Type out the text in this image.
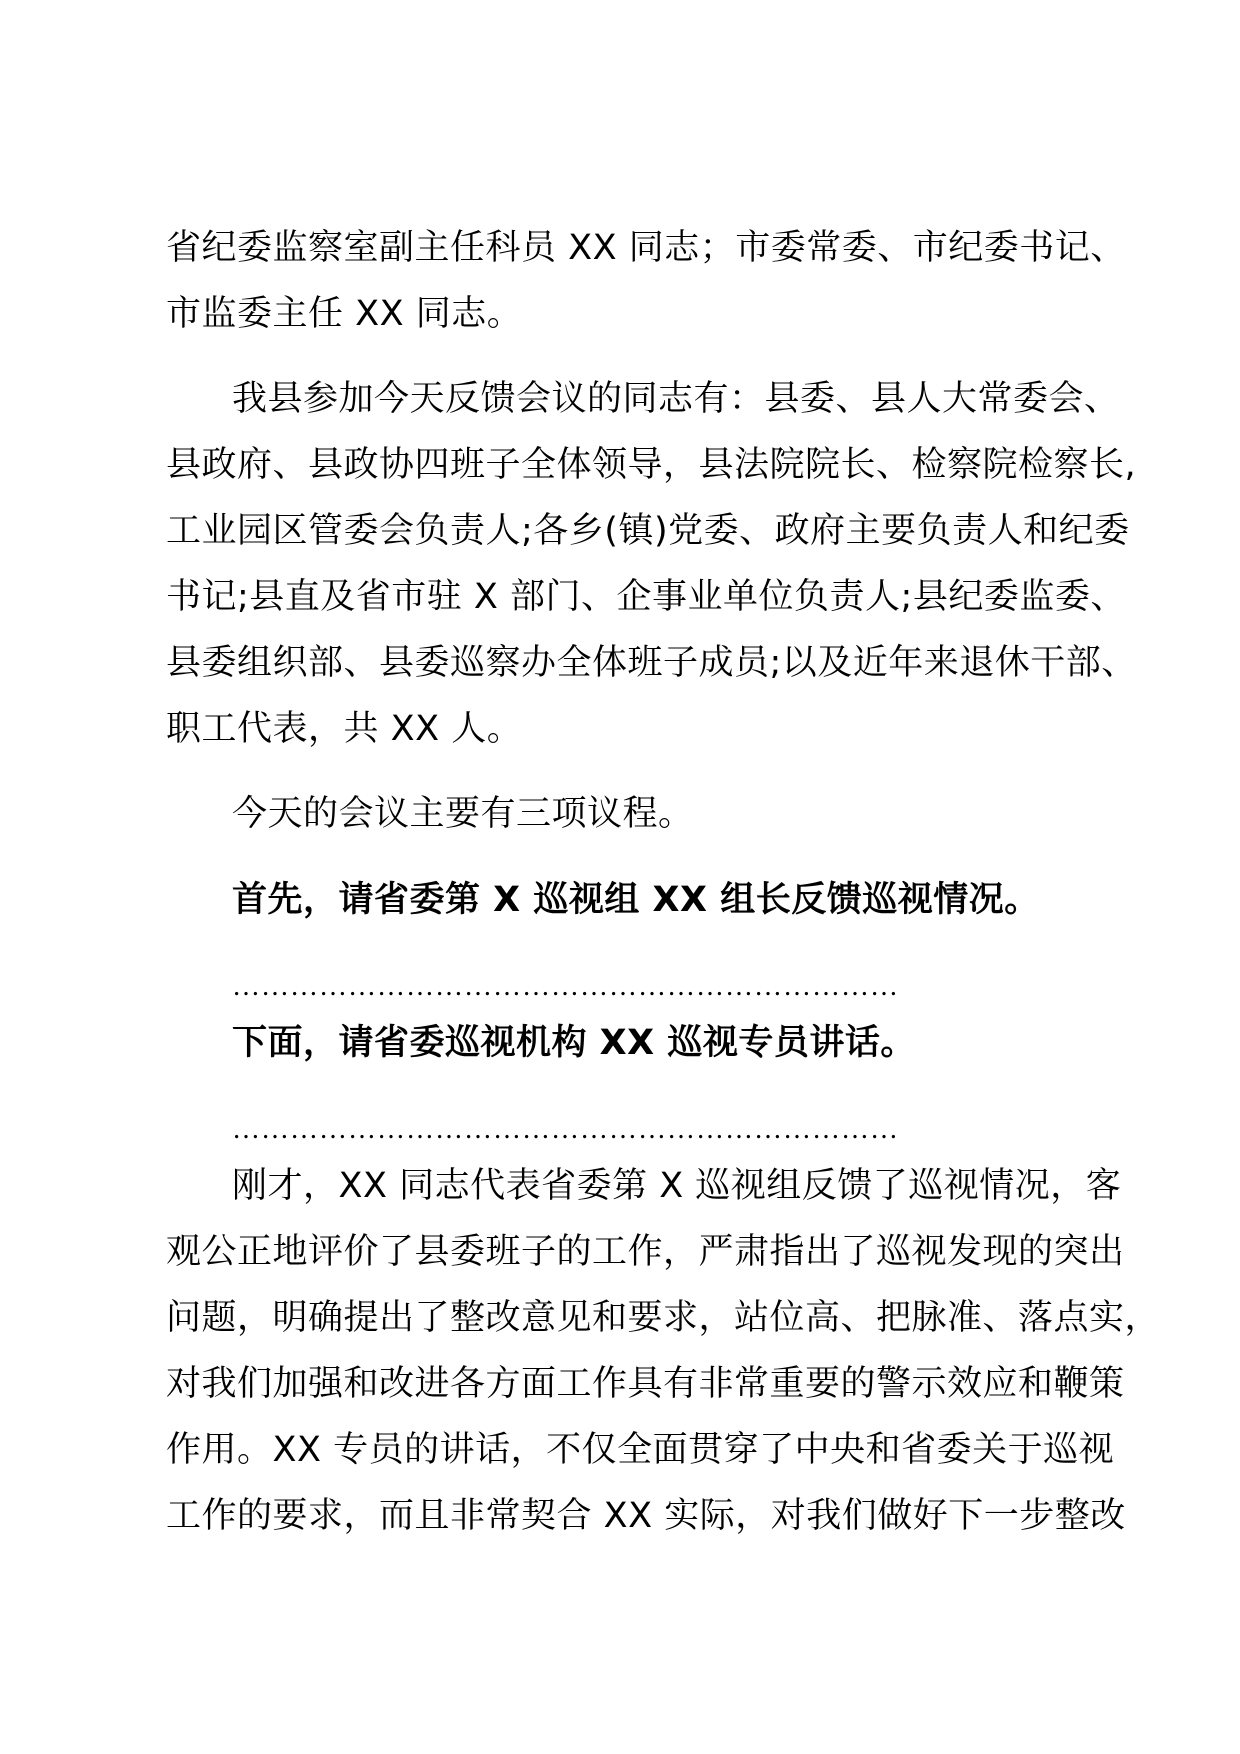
省纪委监察室副主任科员 XX 同志；市委常委、市纪委书记、
市监委主任 XX 同志。
我县参加今天反馈会议的同志有：县委、县人大常委会、
县政府、县政协四班子全体领导，县法院院长、检察院检察长,
工业园区管委会负责人;各乡(镇)党委、政府主要负责人和纪委
书记;县直及省市驻 X 部门、企事业单位负责人;县纪委监委、
县委组织部、县委巡察办全体班子成员;以及近年来退休干部、
职工代表，共 XX 人。
今天的会议主要有三项议程。
首先，请省委第 X 巡视组 XX 组长反馈巡视情况。
……………………………………………………………
下面，请省委巡视机构 XX 巡视专员讲话。
……………………………………………………………
刚才，XX 同志代表省委第 X 巡视组反馈了巡视情况，客
观公正地评价了县委班子的工作，严肃指出了巡视发现的突出
问题，明确提出了整改意见和要求，站位高、把脉准、落点实，
对我们加强和改进各方面工作具有非常重要的警示效应和鞭策
作用。XX 专员的讲话，不仅全面贯穿了中央和省委关于巡视
工作的要求，而且非常契合 XX 实际，对我们做好下一步整改
